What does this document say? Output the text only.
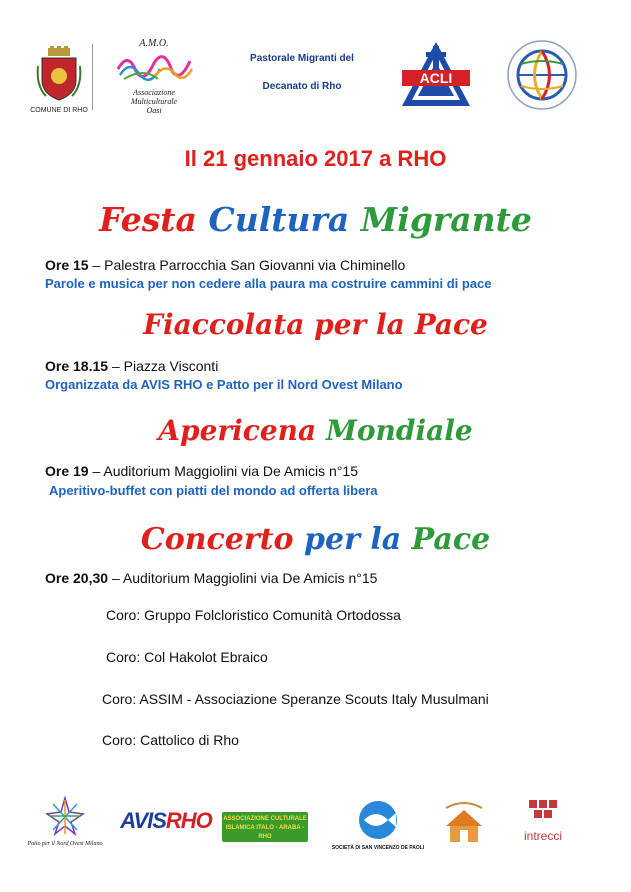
COMUNE DI RHO
A.M.O.
Associazione
Multiculturale
Oasi
Pastorale Migranti del
Decanato di Rho
ACLI
Il 21 gennaio 2017 a RHO
Festa Cultura Migrante
Ore 15 – Palestra Parrocchia San Giovanni via Chiminello
Parole e musica per non cedere alla paura ma costruire cammini di pace
Fiaccolata per la Pace
Ore 18.15 – Piazza Visconti
Organizzata da AVIS RHO e Patto per il Nord Ovest Milano
Apericena Mondiale
Ore 19 – Auditorium Maggiolini via De Amicis n°15
Aperitivo-buffet con piatti del mondo ad offerta libera
Concerto per la Pace
Ore 20,30 – Auditorium Maggiolini via De Amicis n°15
Coro: Gruppo Folcloristico Comunità Ortodossa
Coro: Col Hakolot Ebraico
Coro: ASSIM - Associazione Speranze Scouts Italy Musulmani
Coro: Cattolico di Rho
Patto per il Nord Ovest Milano
AVISRHO ASSOCIAZIONE CULTURALE ISLAMICA ITALO - ARABA - RHO
SOCIETÀ DI SAN VINCENZO DE PAOLI
intrecci
